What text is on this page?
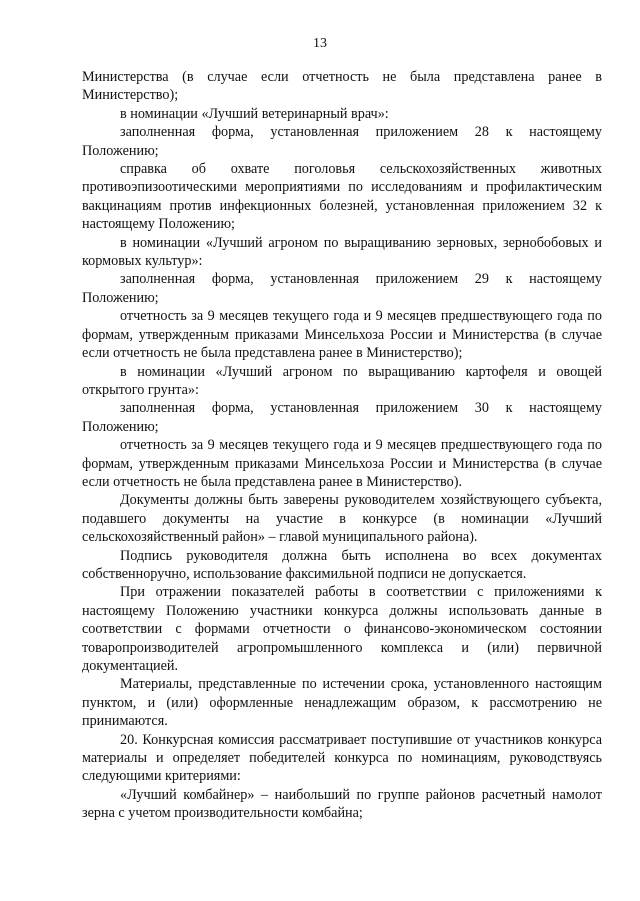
13

Министерства (в случае если отчетность не была представлена ранее в Министерство);

в номинации «Лучший ветеринарный врач»:

заполненная форма, установленная приложением 28 к настоящему Положению;

справка об охвате поголовья сельскохозяйственных животных противоэпизоотическими мероприятиями по исследованиям и профилактическим вакцинациям против инфекционных болезней, установленная приложением 32 к настоящему Положению;

в номинации «Лучший агроном по выращиванию зерновых, зернобобовых и кормовых культур»:

заполненная форма, установленная приложением 29 к настоящему Положению;

отчетность за 9 месяцев текущего года и 9 месяцев предшествующего года по формам, утвержденным приказами Минсельхоза России и Министерства (в случае если отчетность не была представлена ранее в Министерство);

в номинации «Лучший агроном по выращиванию картофеля и овощей открытого грунта»:

заполненная форма, установленная приложением 30 к настоящему Положению;

отчетность за 9 месяцев текущего года и 9 месяцев предшествующего года по формам, утвержденным приказами Минсельхоза России и Министерства (в случае если отчетность не была представлена ранее в Министерство).

Документы должны быть заверены руководителем хозяйствующего субъекта, подавшего документы на участие в конкурсе (в номинации «Лучший сельскохозяйственный район» – главой муниципального района).

Подпись руководителя должна быть исполнена во всех документах собственноручно, использование факсимильной подписи не допускается.

При отражении показателей работы в соответствии с приложениями к настоящему Положению участники конкурса должны использовать данные в соответствии с формами отчетности о финансово-экономическом состоянии товаропроизводителей агропромышленного комплекса и (или) первичной документацией.

Материалы, представленные по истечении срока, установленного настоящим пунктом, и (или) оформленные ненадлежащим образом, к рассмотрению не принимаются.

20. Конкурсная комиссия рассматривает поступившие от участников конкурса материалы и определяет победителей конкурса по номинациям, руководствуясь следующими критериями:

«Лучший комбайнер» – наибольший по группе районов расчетный намолот зерна с учетом производительности комбайна;
